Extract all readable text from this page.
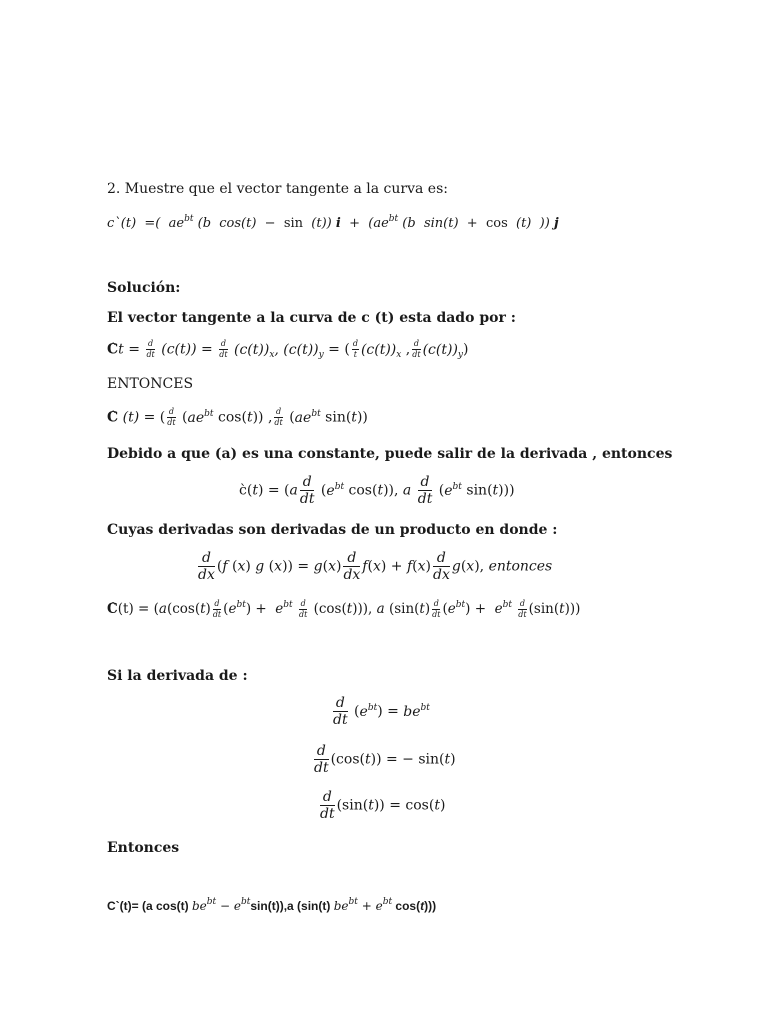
2. Muestre que el vector tangente a la curva es:
c`(t)  =(  $ae^{bt}$ (b  cos(t)  −  sin  (t)) $i + (ae^{bt}$ (b  sin(t)  +  cos  (t)  )) j
Solución:
El vector tangente a la curva de c (t) esta dado por :
$Ct = \frac{d}{dt} (c(t)) = \frac{d}{dt} (c(t))_x$, $(c(t))_y$ = ( $\frac{d}{t} (c(t))_x$ , $\frac{d}{dt} (c(t))_y$)
ENTONCES
C̀ (t) = ( $\frac{d}{dt} (ae^{bt}$ cos(t)) , $\frac{d}{dt} (ae^{bt}$ sin(t))
Debido a que (a) es una constante, puede salir de la derivada , entonces
c̀(t) = ($a \frac{d}{dt} (e^{bt}$ cos(t)), a $\frac{d}{dt} (e^{bt}$ sin(t)))
Cuyas derivadas son derivadas de un producto en donde :
$\frac{d}{dx} (f$ (x) g $(x)) = g(x) \frac{d}{dx} f(x) + f(x) \frac{d}{dx} g(x)$, entonces
C̀(t) = ($a(\cos(t) \frac{d}{dt} (e^{bt}) + e^{bt} \frac{d}{dt} (\cos(t)))$, a $(\sin(t) \frac{d}{dt} (e^{bt}) + e^{bt} \frac{d}{dt} (\sin(t)))$
Si la derivada de :
$\frac{d}{dt} (e^{bt}) = be^{bt}$
$\frac{d}{dt} (\cos(t))$ = − sin(t)
$\frac{d}{dt} (\sin(t)) = \cos(t)$
Entonces
C`(t)= (a cos(t) $be^{bt} - e^{bt}\sin(t)),a$ (sin(t) $be^{bt} + e^{bt}$ cos(t)))
